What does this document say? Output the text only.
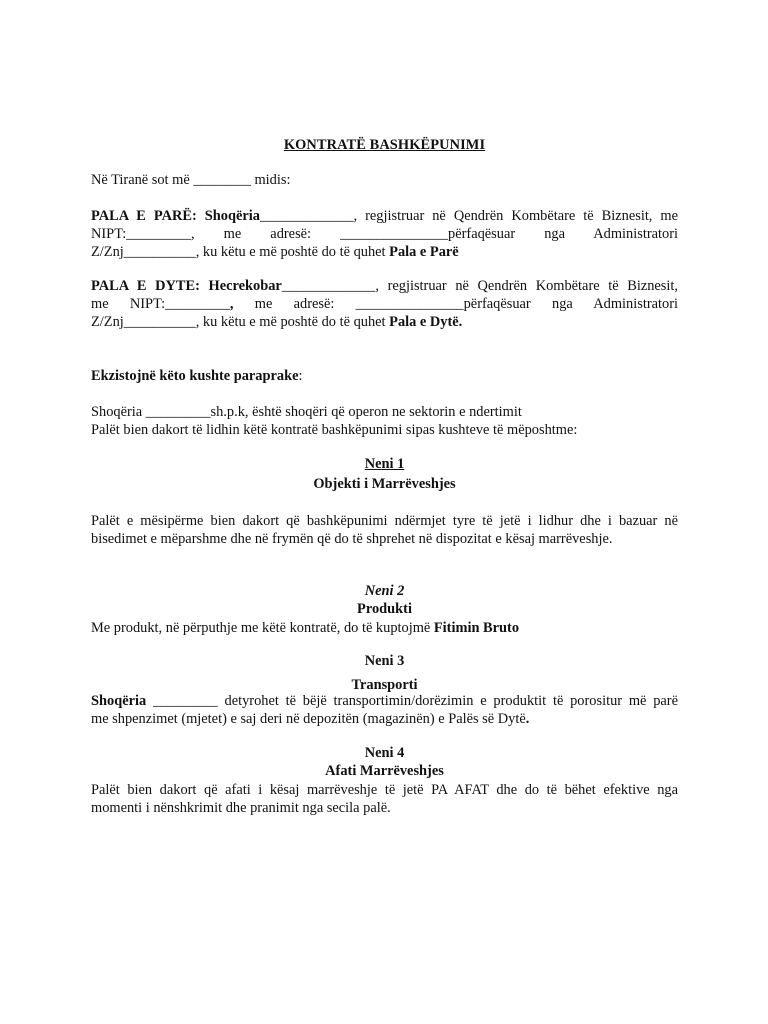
KONTRATË BASHKËPUNIMI
Në Tiranë sot më ________ midis:
PALA E PARË: Shoqëria_____________, regjistruar në Qendrën Kombëtare të Biznesit, me
NIPT:_________, me adresë: _______________përfaqësuar nga Administratori
Z/Znj__________, ku këtu e më poshtë do të quhet Pala e Parë
PALA E DYTE: Hecrekobar_____________, regjistruar në Qendrën Kombëtare të Biznesit,
me NIPT:_________, me adresë: _______________përfaqësuar nga Administratori
Z/Znj__________, ku këtu e më poshtë do të quhet Pala e Dytë.
Ekzistojnë këto kushte paraprake:
Shoqëria _________sh.p.k, është shoqëri që operon ne sektorin e ndertimit
Palët bien dakort të lidhin këtë kontratë bashkëpunimi sipas kushteve të mëposhtme:
Neni 1
Objekti i Marrëveshjes
Palët e mësipërme bien dakort që bashkëpunimi ndërmjet tyre të jetë i lidhur dhe i bazuar në
bisedimet e mëparshme dhe në frymën që do të shprehet në dispozitat e kësaj marrëveshje.
Neni 2
Produkti
Me produkt, në përputhje me këtë kontratë, do të kuptojmë Fitimin Bruto
Neni 3
Transporti
Shoqëria _________ detyrohet të bëjë transportimin/dorëzimin e produktit të porositur më parë
me shpenzimet (mjetet) e saj deri në depozitën (magazinën) e Palës së Dytë.
Neni 4
Afati Marrëveshjes
Palët bien dakort që afati i kësaj marrëveshje të jetë PA AFAT dhe do të bëhet efektive nga
momenti i nënshkrimit dhe pranimit nga secila palë.
